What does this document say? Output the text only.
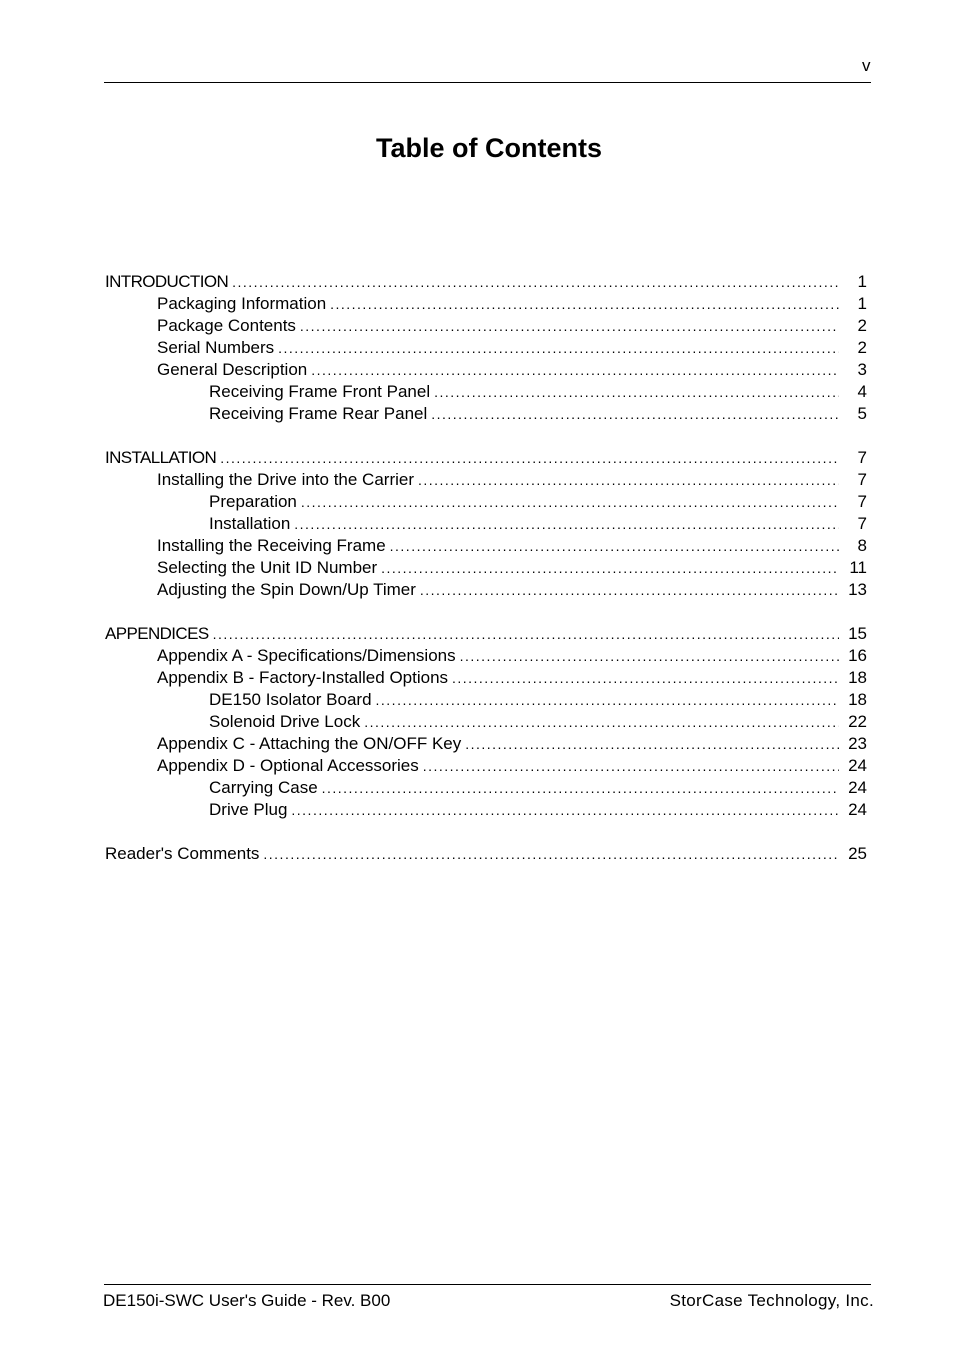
v
Table of Contents
INTRODUCTION . . .	1
Packaging Information . . .	1
Package Contents . . .	2
Serial Numbers . . .	2
General Description . . .	3
Receiving Frame Front Panel . . .	4
Receiving Frame Rear Panel . . .	5
INSTALLATION . . .	7
Installing the Drive into the Carrier . . .	7
Preparation . . .	7
Installation . . .	7
Installing the Receiving Frame . . .	8
Selecting the Unit ID Number . . .	11
Adjusting the Spin Down/Up Timer . . .	13
APPENDICES . . .	15
Appendix A - Specifications/Dimensions . . .	16
Appendix B - Factory-Installed Options . . .	18
DE150 Isolator Board . . .	18
Solenoid Drive Lock . . .	22
Appendix C - Attaching the ON/OFF Key . . .	23
Appendix D - Optional Accessories . . .	24
Carrying Case . . .	24
Drive Plug . . .	24
Reader's Comments . . .	25
DE150i-SWC User's Guide - Rev. B00	StorCase Technology, Inc.
